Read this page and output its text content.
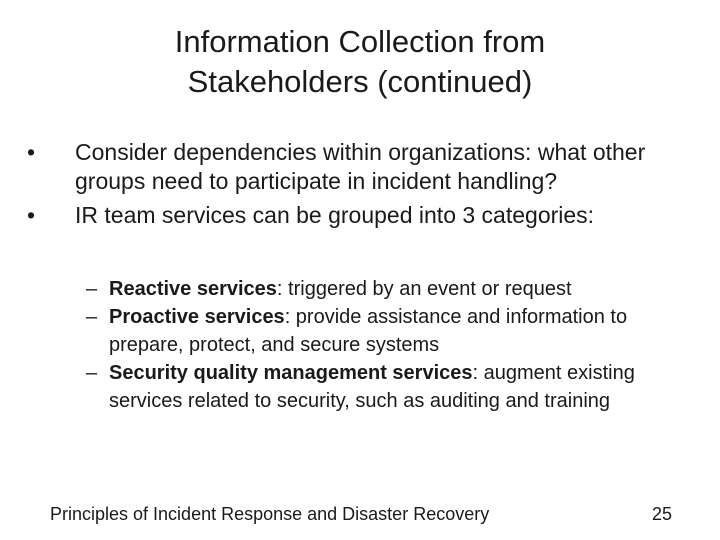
Information Collection from
Stakeholders (continued)
• Consider dependencies within organizations: what other groups need to participate in incident handling?
• IR team services can be grouped into 3 categories:
– Reactive services: triggered by an event or request
– Proactive services: provide assistance and information to prepare, protect, and secure systems
– Security quality management services: augment existing services related to security, such as auditing and training
Principles of Incident Response and Disaster Recovery	25
